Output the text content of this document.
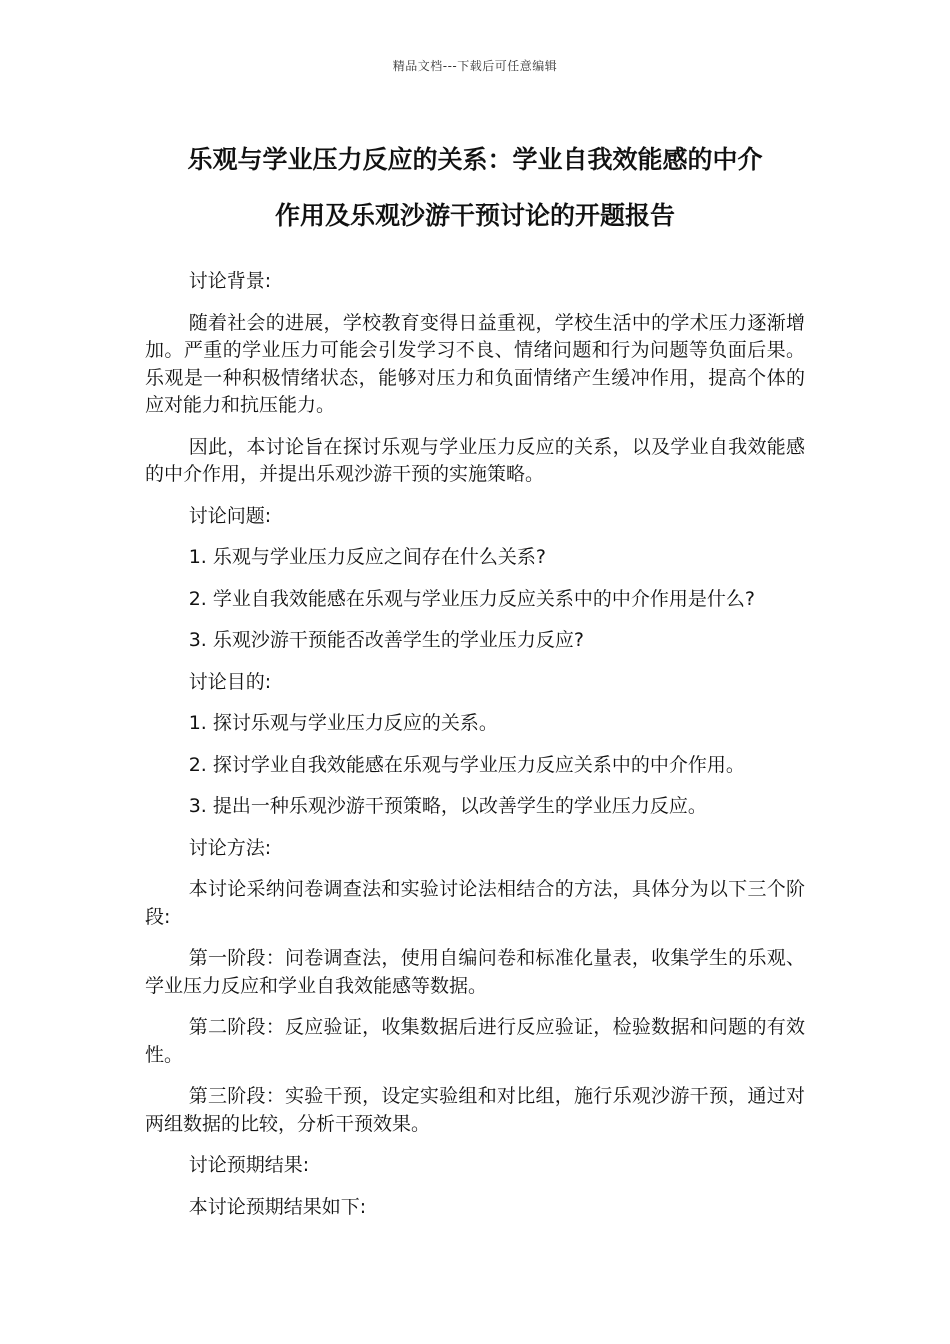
精品文档---下载后可任意编辑
乐观与学业压力反应的关系：学业自我效能感的中介
作用及乐观沙游干预讨论的开题报告

讨论背景:

随着社会的进展，学校教育变得日益重视，学校生活中的学术压力逐渐增加。严重的学业压力可能会引发学习不良、情绪问题和行为问题等负面后果。乐观是一种积极情绪状态，能够对压力和负面情绪产生缓冲作用，提高个体的应对能力和抗压能力。

因此，本讨论旨在探讨乐观与学业压力反应的关系，以及学业自我效能感的中介作用，并提出乐观沙游干预的实施策略。

讨论问题:

1. 乐观与学业压力反应之间存在什么关系?

2. 学业自我效能感在乐观与学业压力反应关系中的中介作用是什么?

3. 乐观沙游干预能否改善学生的学业压力反应?

讨论目的:

1. 探讨乐观与学业压力反应的关系。

2. 探讨学业自我效能感在乐观与学业压力反应关系中的中介作用。

3. 提出一种乐观沙游干预策略，以改善学生的学业压力反应。

讨论方法:

本讨论采纳问卷调查法和实验讨论法相结合的方法，具体分为以下三个阶段:

第一阶段：问卷调查法，使用自编问卷和标准化量表，收集学生的乐观、学业压力反应和学业自我效能感等数据。

第二阶段：反应验证，收集数据后进行反应验证，检验数据和问题的有效性。

第三阶段：实验干预，设定实验组和对比组，施行乐观沙游干预，通过对两组数据的比较，分析干预效果。

讨论预期结果:

本讨论预期结果如下:
